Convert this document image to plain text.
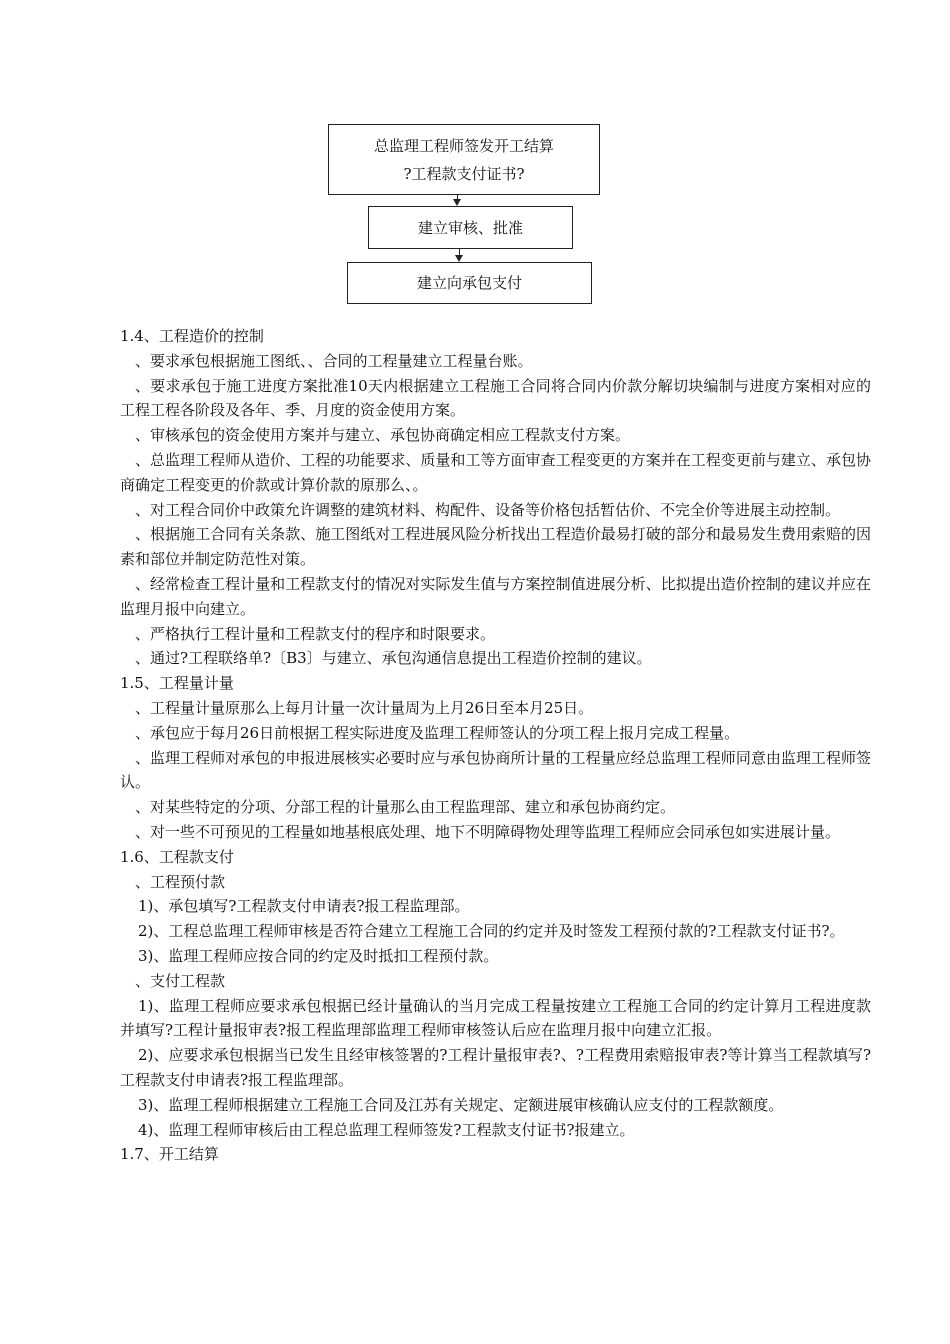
总监理工程师签发开工结算
?工程款支付证书?
建立审核、批准
建立向承包支付

1.4、工程造价的控制

、要求承包根据施工图纸、、合同的工程量建立工程量台账。

、要求承包于施工进度方案批准10天内根据建立工程施工合同将合同内价款分解切块编制与进度方案相对应的工程工程各阶段及各年、季、月度的资金使用方案。

、审核承包的资金使用方案并与建立、承包协商确定相应工程款支付方案。

、总监理工程师从造价、工程的功能要求、质量和工等方面审查工程变更的方案并在工程变更前与建立、承包协商确定工程变更的价款或计算价款的原那么、。

、对工程合同价中政策允许调整的建筑材料、构配件、设备等价格包括暂估价、不完全价等进展主动控制。

、根据施工合同有关条款、施工图纸对工程进展风险分析找出工程造价最易打破的部分和最易发生费用索赔的因素和部位并制定防范性对策。

、经常检查工程计量和工程款支付的情况对实际发生值与方案控制值进展分析、比拟提出造价控制的建议并应在监理月报中向建立。

、严格执行工程计量和工程款支付的程序和时限要求。

、通过?工程联络单?〔B3〕与建立、承包沟通信息提出工程造价控制的建议。

1.5、工程量计量

、工程量计量原那么上每月计量一次计量周为上月26日至本月25日。

、承包应于每月26日前根据工程实际进度及监理工程师签认的分项工程上报月完成工程量。

、监理工程师对承包的申报进展核实必要时应与承包协商所计量的工程量应经总监理工程师同意由监理工程师签认。

、对某些特定的分项、分部工程的计量那么由工程监理部、建立和承包协商约定。

、对一些不可预见的工程量如地基根底处理、地下不明障碍物处理等监理工程师应会同承包如实进展计量。

1.6、工程款支付

、工程预付款

1)、承包填写?工程款支付申请表?报工程监理部。

2)、工程总监理工程师审核是否符合建立工程施工合同的约定并及时签发工程预付款的?工程款支付证书?。

3)、监理工程师应按合同的约定及时抵扣工程预付款。

、支付工程款

1)、监理工程师应要求承包根据已经计量确认的当月完成工程量按建立工程施工合同的约定计算月工程进度款并填写?工程计量报审表?报工程监理部监理工程师审核签认后应在监理月报中向建立汇报。

2)、应要求承包根据当已发生且经审核签署的?工程计量报审表?、?工程费用索赔报审表?等计算当工程款填写?工程款支付申请表?报工程监理部。

3)、监理工程师根据建立工程施工合同及江苏有关规定、定额进展审核确认应支付的工程款额度。

4)、监理工程师审核后由工程总监理工程师签发?工程款支付证书?报建立。

1.7、开工结算
